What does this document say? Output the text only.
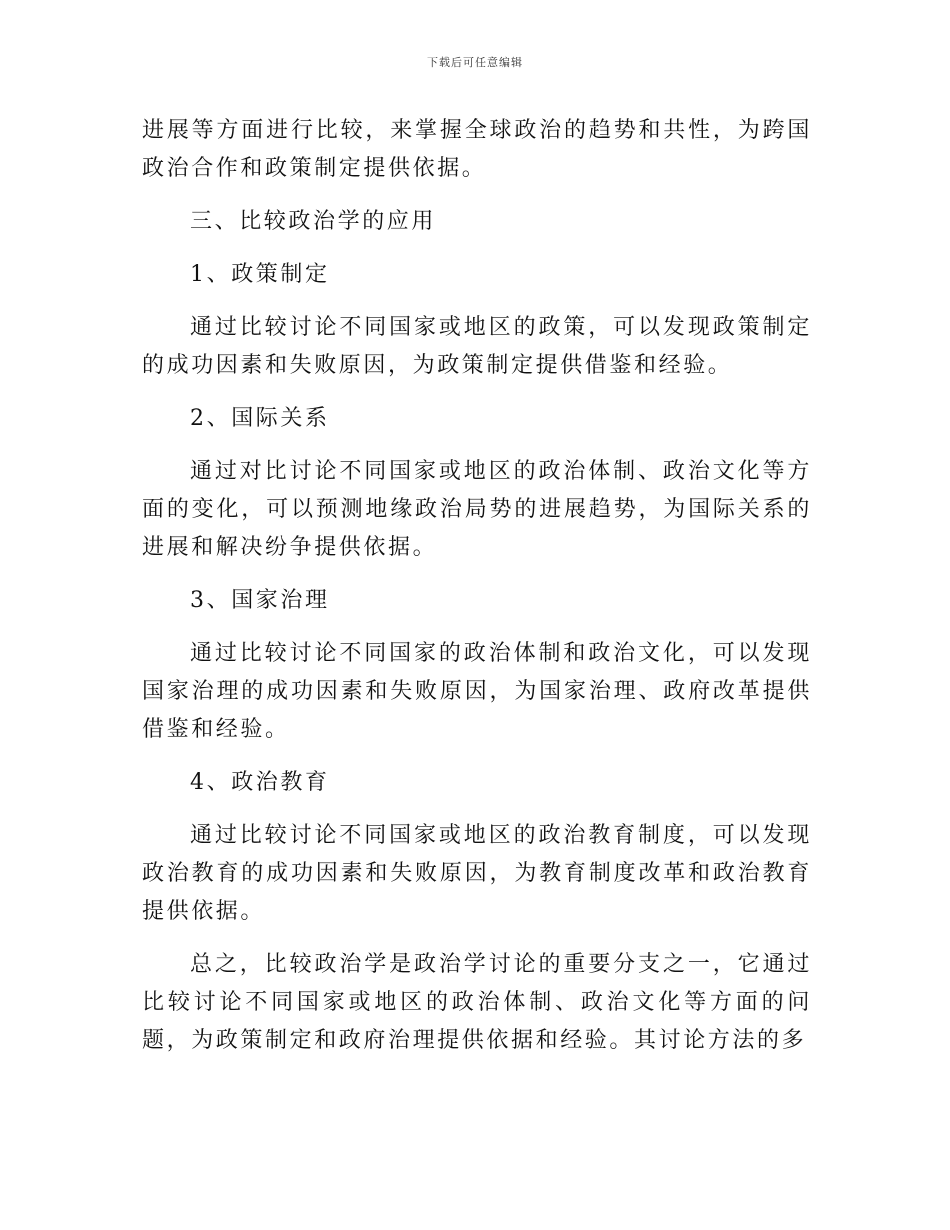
下载后可任意编辑

进展等方面进行比较，来掌握全球政治的趋势和共性，为跨国政治合作和政策制定提供依据。

三、比较政治学的应用

1、政策制定

通过比较讨论不同国家或地区的政策，可以发现政策制定的成功因素和失败原因，为政策制定提供借鉴和经验。

2、国际关系

通过对比讨论不同国家或地区的政治体制、政治文化等方面的变化，可以预测地缘政治局势的进展趋势，为国际关系的进展和解决纷争提供依据。

3、国家治理

通过比较讨论不同国家的政治体制和政治文化，可以发现国家治理的成功因素和失败原因，为国家治理、政府改革提供借鉴和经验。

4、政治教育

通过比较讨论不同国家或地区的政治教育制度，可以发现政治教育的成功因素和失败原因，为教育制度改革和政治教育提供依据。

总之，比较政治学是政治学讨论的重要分支之一，它通过比较讨论不同国家或地区的政治体制、政治文化等方面的问题，为政策制定和政府治理提供依据和经验。其讨论方法的多
